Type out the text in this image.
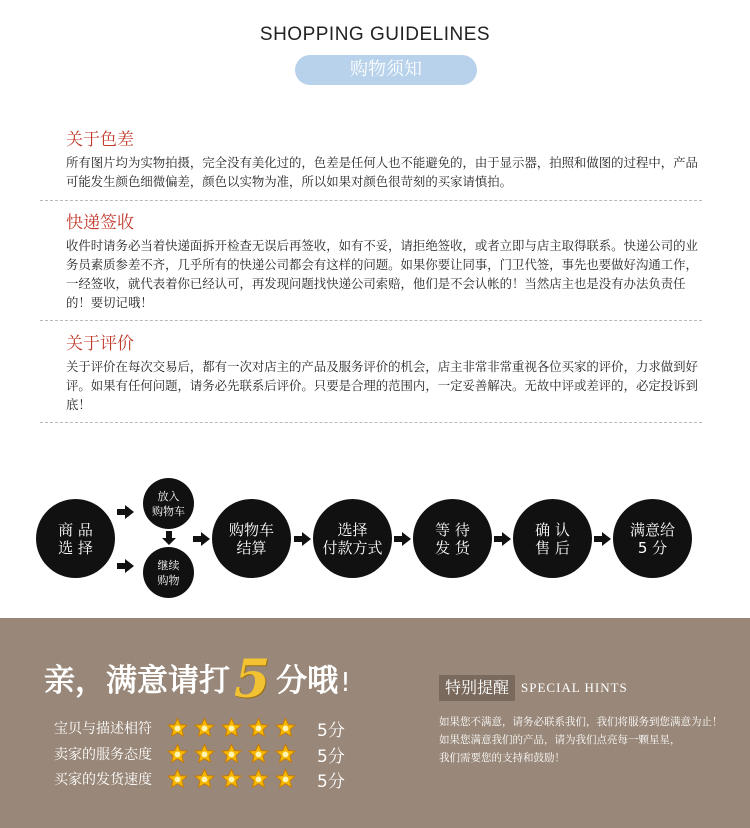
SHOPPING GUIDELINES
购物须知
关于色差

所有图片均为实物拍摄，完全没有美化过的，色差是任何人也不能避免的，由于显示器，拍照和做图的过程中，产品可能发生颜色细微偏差，颜色以实物为准，所以如果对颜色很苛刻的买家请慎拍。

快递签收

收件时请务必当着快递面拆开检查无误后再签收，如有不妥，请拒绝签收，或者立即与店主取得联系。快递公司的业务员素质参差不齐，几乎所有的快递公司都会有这样的问题。如果你要让同事，门卫代签，事先也要做好沟通工作，一经签收，就代表着你已经认可，再发现问题找快递公司索赔，他们是不会认帐的！当然店主也是没有办法负责任的！要切记哦！

关于评价

关于评价在每次交易后，都有一次对店主的产品及服务评价的机会，店主非常非常重视各位买家的评价，力求做到好评。如果有任何问题，请务必先联系后评价。只要是合理的范围内，一定妥善解决。无故中评或差评的，必定投诉到底！

商 品
选 择
放入
购物车
继续
购物
购物车
结算
选择
付款方式
等 待
发 货
确 认
售 后
满意给
5 分
亲，满意请打5 分哦!
宝贝与描述相符	5分
卖家的服务态度	5分
买家的发货速度	5分
特别提醒 SPECIAL HINTS
如果您不满意，请务必联系我们，我们将服务到您满意为止！
如果您满意我们的产品，请为我们点亮每一颗星星，
我们需要您的支持和鼓励！
